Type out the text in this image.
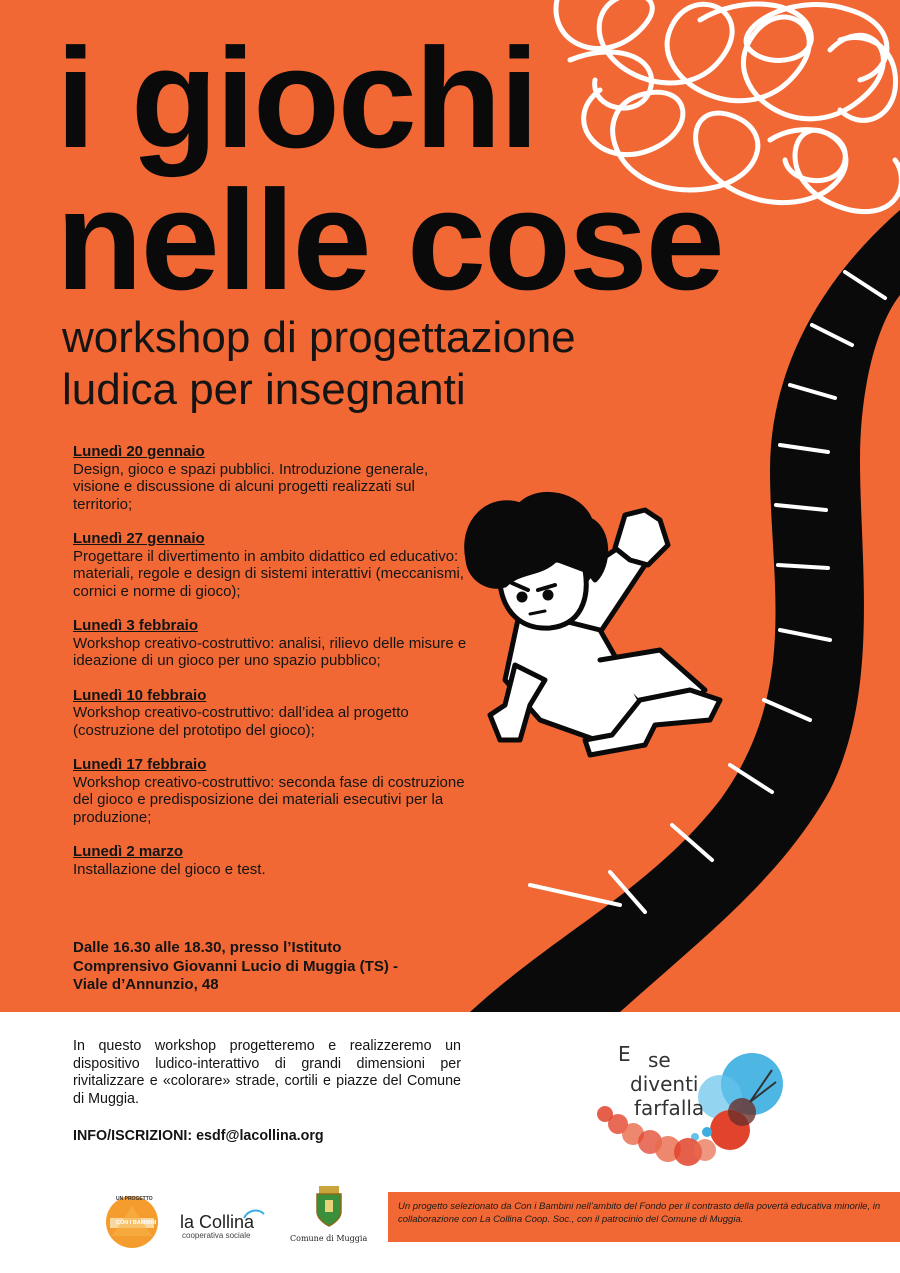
i giochi
nelle cose
workshop di progettazione
ludica per insegnanti
Lunedì 20 gennaio
Design, gioco e spazi pubblici. Introduzione generale, visione e discussione di alcuni progetti realizzati sul territorio;
Lunedì 27 gennaio
Progettare il divertimento in ambito didattico ed educativo: materiali, regole e design di sistemi interattivi (meccanismi, cornici e norme di gioco);
Lunedì 3 febbraio
Workshop creativo-costruttivo: analisi, rilievo delle misure e ideazione di un gioco per uno spazio pubblico;
Lunedì 10 febbraio
Workshop creativo-costruttivo: dall’idea al progetto (costruzione del prototipo del gioco);
Lunedì 17 febbraio
Workshop creativo-costruttivo: seconda fase di costruzione del gioco e predisposizione dei materiali esecutivi per la produzione;
Lunedì 2 marzo
Installazione del gioco e test.

Dalle 16.30 alle 18.30, presso l’Istituto Comprensivo Giovanni Lucio di Muggia (TS) - Viale d’Annunzio, 48

In questo workshop progetteremo e realizzeremo un dispositivo ludico-interattivo di grandi dimensioni per rivitalizzare e «colorare» strade, cortili e piazze del Comune di Muggia.

INFO/ISCRIZIONI: esdf@lacollina.org

E se
diventi
farfalla
UN PROGETTO
CON I BAMBINI la Collina
cooperativa sociale	Comune di Muggia

Un progetto selezionato da Con i Bambini nell’ambito del Fondo per il contrasto della povertà educativa minorile, in collaborazione con La Collina Coop. Soc., con il patrocinio del Comune di Muggia.
